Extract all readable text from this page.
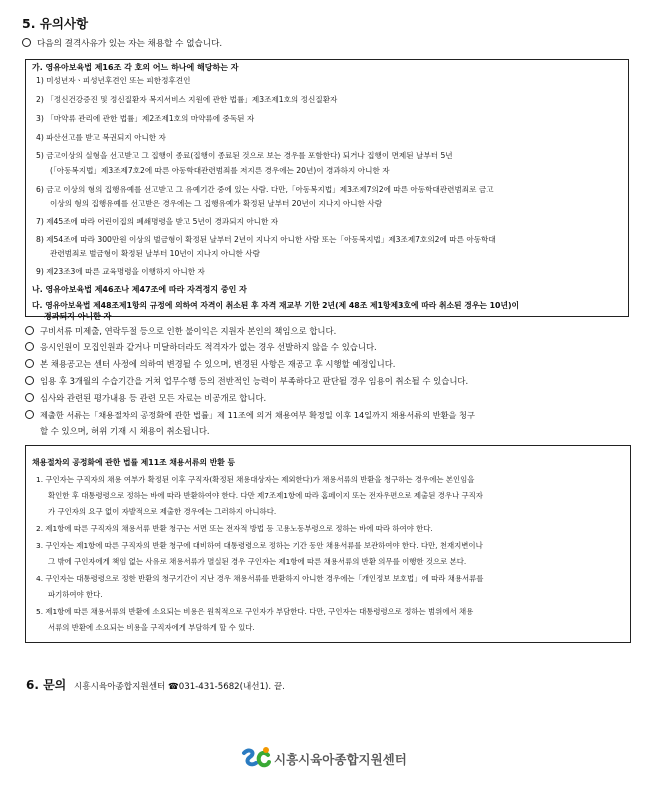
5. 유의사항
다음의 결격사유가 있는 자는 채용할 수 없습니다.
가. 영유아보육법 제16조 각 호의 어느 하나에 해당하는 자
1) 미성년자ㆍ피성년후견인 또는 피한정후견인
2) 「정신건강증진 및 정신질환자 복지서비스 지원에 관한 법률」제3조제1호의 정신질환자
3) 「마약류 관리에 관한 법률」제2조제1호의 마약류에 중독된 자
4) 파산선고를 받고 복권되지 아니한 자
5) 금고이상의 실형을 선고받고 그 집행이 종료(집행이 종료된 것으로 보는 경우를 포함한다) 되거나 집행이 면제된 날부터 5년
(「아동복지법」제3조제7호2에 따른 아동학대관련범죄를 저지른 경우에는 20년)이 경과하지 아니한 자
6) 금고 이상의 형의 집행유예를 선고받고 그 유예기간 중에 있는 사람. 다만,「아동복지법」제3조제7의2에 따른 아동학대관련범죄로 금고
이상의 형의 집행유예를 선고받은 경우에는 그 집행유예가 확정된 날부터 20년이 지나지 아니한 사람
7) 제45조에 따라 어린이집의 폐쇄명령을 받고 5년이 경과되지 아니한 자
8) 제54조에 따라 300만원 이상의 벌금형이 확정된 날부터 2년이 지나지 아니한 사람 또는「아동복지법」제3조제7호의2에 따른 아동학대
관련범죄로 벌금형이 확정된 날부터 10년이 지나지 아니한 사람
9) 제23조3에 따른 교육명령을 이행하지 아니한 자
나. 영유아보육법 제46조나 제47조에 따라 자격정지 중인 자
다. 영유아보육법 제48조제1항의 규정에 의하여 자격이 취소된 후 자격 재교부 기한 2년(제 48조 제1항제3호에 따라 취소된 경우는 10년)이
경과되지 아니한 자
구비서류 미제출, 연락두절 등으로 인한 불이익은 지원자 본인의 책임으로 합니다.
응시인원이 모집인원과 같거나 미달하더라도 적격자가 없는 경우 선발하지 않을 수 있습니다.
본 채용공고는 센터 사정에 의하여 변경될 수 있으며, 변경된 사항은 재공고 후 시행할 예정입니다.
임용 후 3개월의 수습기간을 거쳐 업무수행 등의 전반적인 능력이 부족하다고 판단될 경우 임용이 취소될 수 있습니다.
심사와 관련된 평가내용 등 관련 모든 자료는 비공개로 합니다.
제출한 서류는「채용절차의 공정화에 관한 법률」제 11조에 의거 채용여부 확정일 이후 14일까지 채용서류의 반환을 청구
할 수 있으며, 허위 기재 시 채용이 취소됩니다.
채용절차의 공정화에 관한 법률 제11조 채용서류의 반환 등
1. 구인자는 구직자의 채용 여부가 확정된 이후 구직자(확정된 채용대상자는 제외한다)가 채용서류의 반환을 청구하는 경우에는 본인임을
확인한 후 대통령령으로 정하는 바에 따라 반환하여야 한다. 다만 제7조제1항에 따라 홈페이지 또는 전자우편으로 제출된 경우나 구직자
가 구인자의 요구 없이 자발적으로 제출한 경우에는 그러하지 아니하다.
2. 제1항에 따른 구직자의 채용서류 반환 청구는 서면 또는 전자적 방법 등 고용노동부령으로 정하는 바에 따라 하여야 한다.
3. 구인자는 제1항에 따른 구직자의 반환 청구에 대비하여 대통령령으로 정하는 기간 동안 채용서류를 보관하여야 한다. 다만, 천재지변이나
그 밖에 구인자에게 책임 없는 사유로 채용서류가 멸실된 경우 구인자는 제1항에 따른 채용서류의 반환 의무를 이행한 것으로 본다.
4. 구인자는 대통령령으로 정한 반환의 청구기간이 지난 경우 채용서류를 반환하지 아니한 경우에는「개인정보 보호법」에 따라 채용서류를
파기하여야 한다.
5. 제1항에 따른 채용서류의 반환에 소요되는 비용은 원칙적으로 구인자가 부담한다. 다만, 구인자는 대통령령으로 정하는 범위에서 채용
서류의 반환에 소요되는 비용을 구직자에게 부담하게 할 수 있다.
6. 문의 시흥시육아종합지원센터 ☎031-431-5682(내선1). 끝.
시흥시육아종합지원센터
